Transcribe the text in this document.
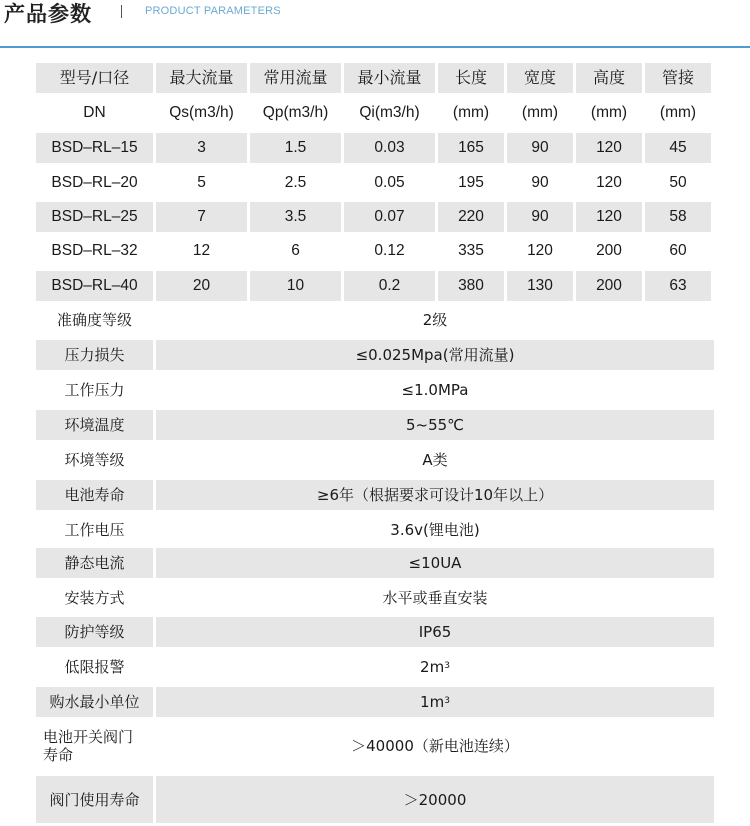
产品参数	PRODUCT PARAMETERS
型号/口径	最大流量	常用流量	最小流量	长度	宽度	高度	管接
DN	Qs(m3/h)	Qp(m3/h)	Qi(m3/h)	(mm)	(mm)	(mm)	(mm)
BSD–RL–15	3	1.5	0.03	165	90	120	45
BSD–RL–20	5	2.5	0.05	195	90	120	50
BSD–RL–25	7	3.5	0.07	220	90	120	58
BSD–RL–32	12	6	0.12	335	120	200	60
BSD–RL–40	20	10	0.2	380	130	200	63
准确度等级	2级
压力损失	≤0.025Mpa(常用流量)
工作压力	≤1.0MPa
环境温度	5~55℃
环境等级	A类
电池寿命	≥6年（根据要求可设计10年以上）
工作电压	3.6v(锂电池)
静态电流	≤10UA
安装方式	水平或垂直安装
防护等级	IP65
低限报警	$2m^3$
购水最小单位	$1m^3$
电池开关阀门
寿命	＞40000（新电池连续）
阀门使用寿命	＞20000
